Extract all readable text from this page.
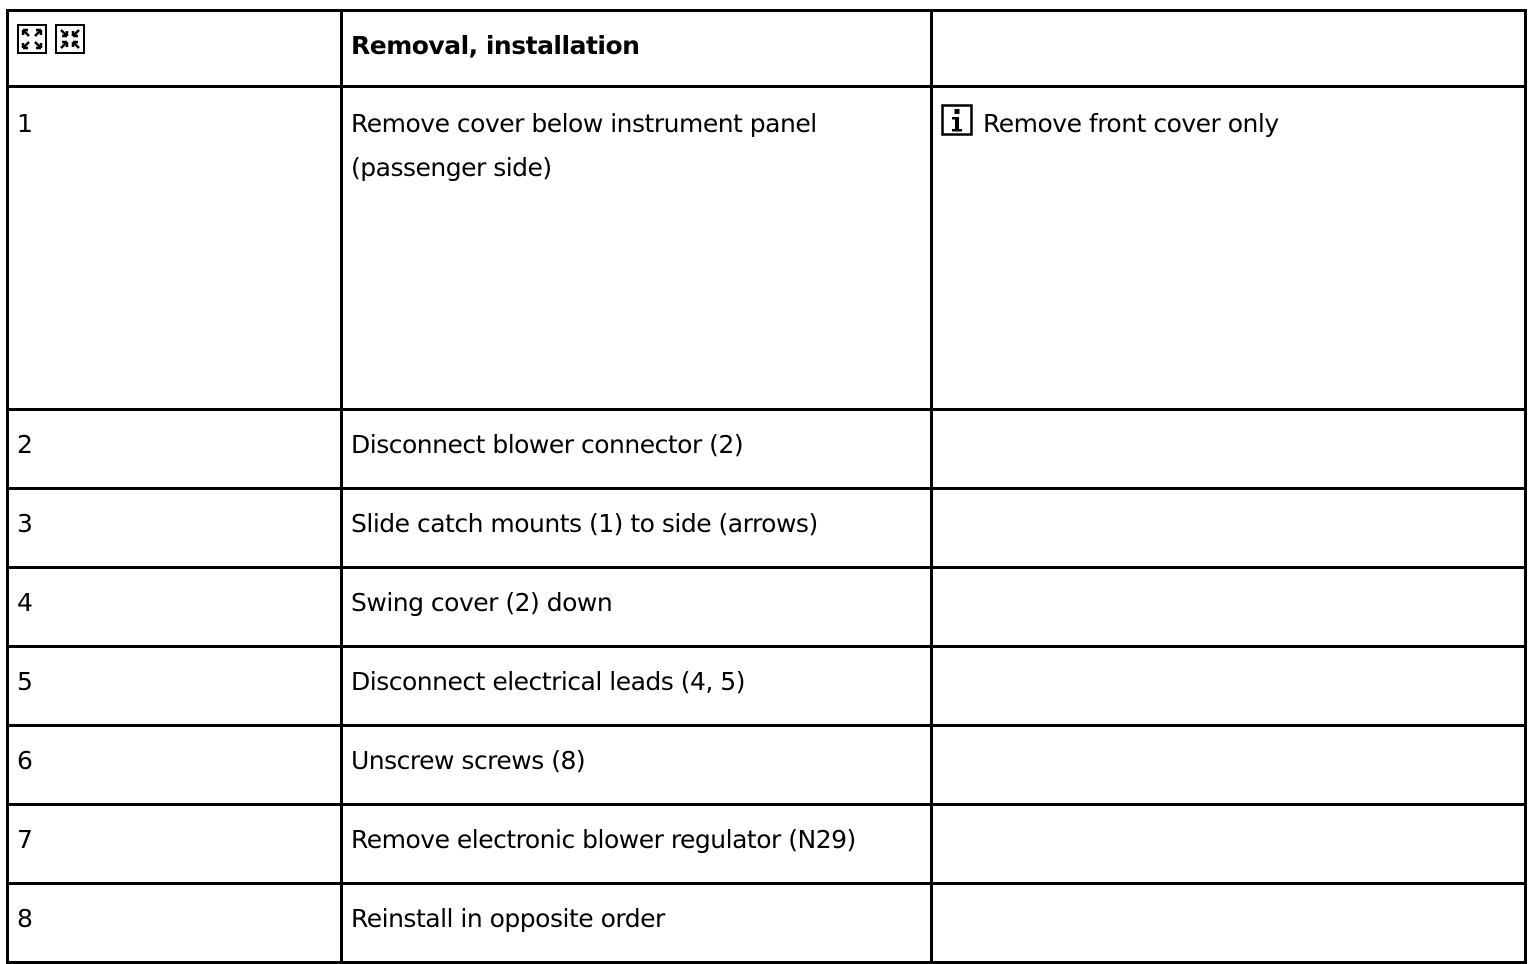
	Removal, installation	
1	Remove cover below instrument panel (passenger side)	Remove front cover only
2	Disconnect blower connector (2)	
3	Slide catch mounts (1) to side (arrows)	
4	Swing cover (2) down	
5	Disconnect electrical leads (4, 5)	
6	Unscrew screws (8)	
7	Remove electronic blower regulator (N29)	
8	Reinstall in opposite order	
